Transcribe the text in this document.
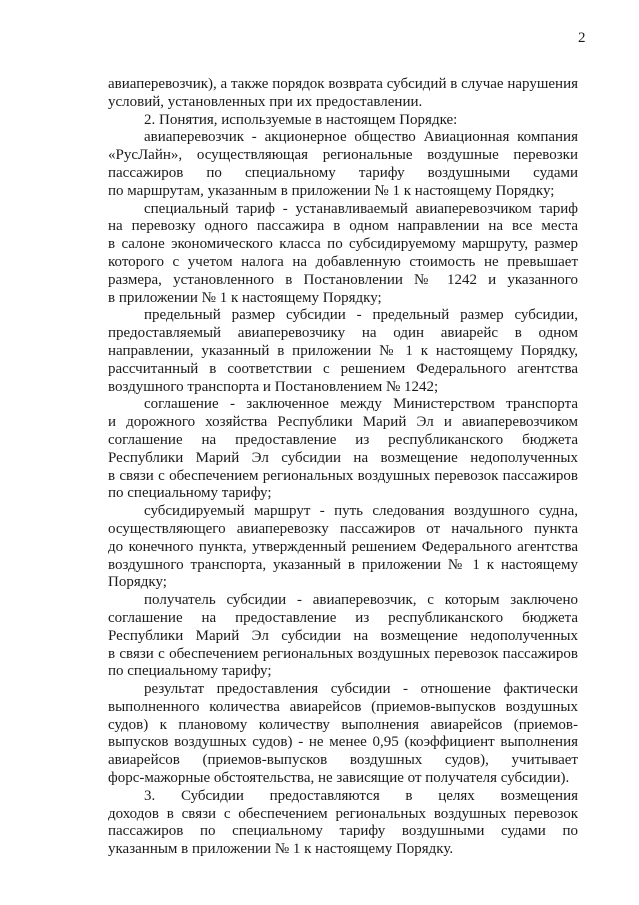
2
авиаперевозчик), а также порядок возврата субсидий в случае нарушения
условий, установленных при их предоставлении.
2. Понятия, используемые в настоящем Порядке:
авиаперевозчик - акционерное общество Авиационная компания
«РусЛайн», осуществляющая региональные воздушные перевозки
пассажиров по специальному тарифу воздушными судами
по маршрутам, указанным в приложении № 1 к настоящему Порядку;
специальный тариф - устанавливаемый авиаперевозчиком тариф
на перевозку одного пассажира в одном направлении на все места
в салоне экономического класса по субсидируемому маршруту, размер
которого с учетом налога на добавленную стоимость не превышает
размера, установленного в Постановлении № 1242 и указанного
в приложении № 1 к настоящему Порядку;
предельный размер субсидии - предельный размер субсидии,
предоставляемый авиаперевозчику на один авиарейс в одном
направлении, указанный в приложении № 1 к настоящему Порядку,
рассчитанный в соответствии с решением Федерального агентства
воздушного транспорта и Постановлением № 1242;
соглашение - заключенное между Министерством транспорта
и дорожного хозяйства Республики Марий Эл и авиаперевозчиком
соглашение на предоставление из республиканского бюджета
Республики Марий Эл субсидии на возмещение недополученных
в связи с обеспечением региональных воздушных перевозок пассажиров
по специальному тарифу;
субсидируемый маршрут - путь следования воздушного судна,
осуществляющего авиаперевозку пассажиров от начального пункта
до конечного пункта, утвержденный решением Федерального агентства
воздушного транспорта, указанный в приложении № 1 к настоящему
Порядку;
получатель субсидии - авиаперевозчик, с которым заключено
соглашение на предоставление из республиканского бюджета
Республики Марий Эл субсидии на возмещение недополученных
в связи с обеспечением региональных воздушных перевозок пассажиров
по специальному тарифу;
результат предоставления субсидии - отношение фактически
выполненного количества авиарейсов (приемов-выпусков воздушных
судов) к плановому количеству выполнения авиарейсов (приемов-
выпусков воздушных судов) - не менее 0,95 (коэффициент выполнения
авиарейсов (приемов-выпусков воздушных судов), учитывает
форс-мажорные обстоятельства, не зависящие от получателя субсидии).
3. Субсидии предоставляются в целях возмещения
доходов в связи с обеспечением региональных воздушных перевозок
пассажиров по специальному тарифу воздушными судами по
указанным в приложении № 1 к настоящему Порядку.
